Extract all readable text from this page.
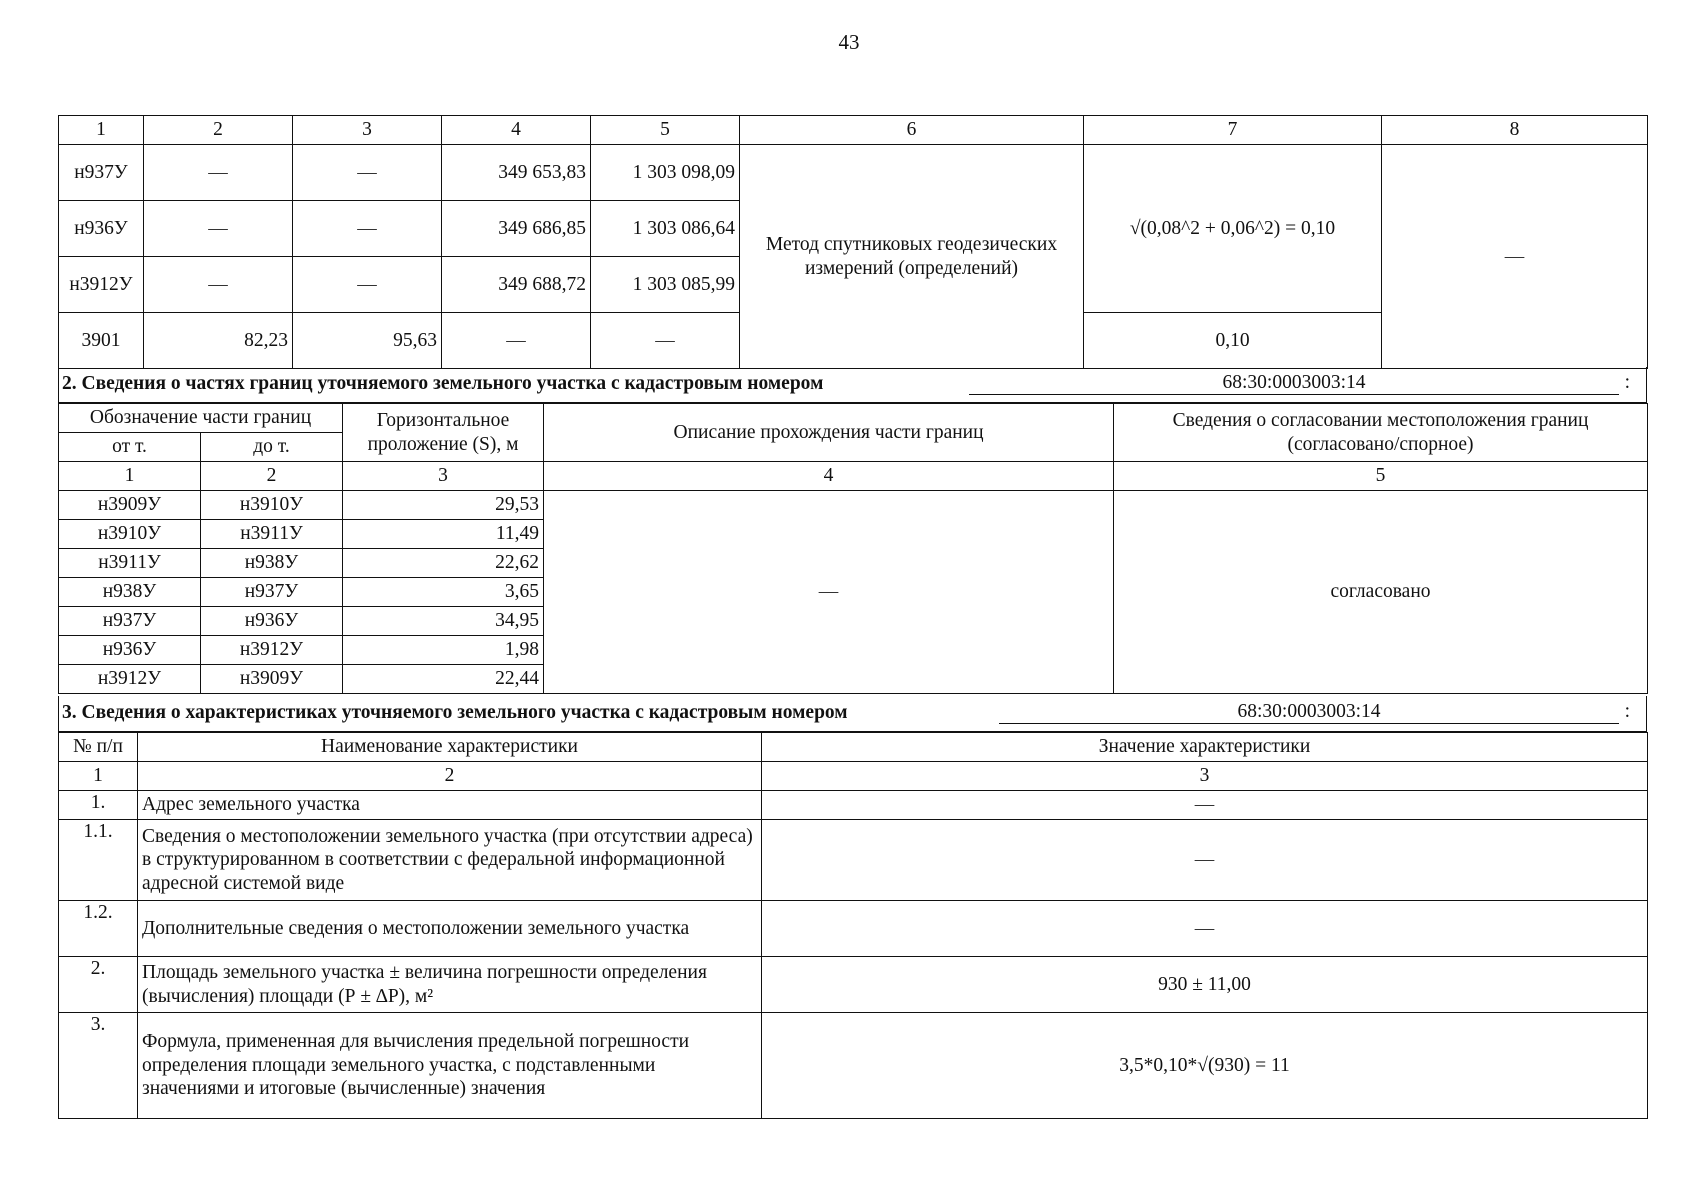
43
1	2	3	4	5	6	7	8
н937У	—	—	349 653,83	1 303 098,09	Метод спутниковых геодезических измерений (определений)	√(0,08^2 + 0,06^2) = 0,10	—
н936У	—	—	349 686,85	1 303 086,64			
н3912У	—	—	349 688,72	1 303 085,99			
3901	82,23	95,63	—	—		0,10	
2. Сведения о частях границ уточняемого земельного участка с кадастровым номером	68:30:0003003:14	:
Обозначение части границ		Горизонтальное проложение (S), м	Описание прохождения части границ	Сведения о согласовании местоположения границ (согласовано/спорное)
от т.	до т.			
1	2	3	4	5
н3909У	н3910У	29,53	—	согласовано
н3910У	н3911У	11,49		
н3911У	н938У	22,62		
н938У	н937У	3,65		
н937У	н936У	34,95		
н936У	н3912У	1,98		
н3912У	н3909У	22,44		
3. Сведения о характеристиках уточняемого земельного участка с кадастровым номером	68:30:0003003:14	:
№ п/п	Наименование характеристики	Значение характеристики
1	2	3
1.	Адрес земельного участка	—
1.1.	Сведения о местоположении земельного участка (при отсутствии адреса) в структурированном в соответствии с федеральной информационной адресной системой виде	—
1.2.	Дополнительные сведения о местоположении земельного участка	—
2.	Площадь земельного участка ± величина погрешности определения (вычисления) площади (Р ± ∆Р), м²	930 ± 11,00
3.	Формула, примененная для вычисления предельной погрешности определения площади земельного участка, с подставленными значениями и итоговые (вычисленные) значения	3,5*0,10*√(930) = 11
